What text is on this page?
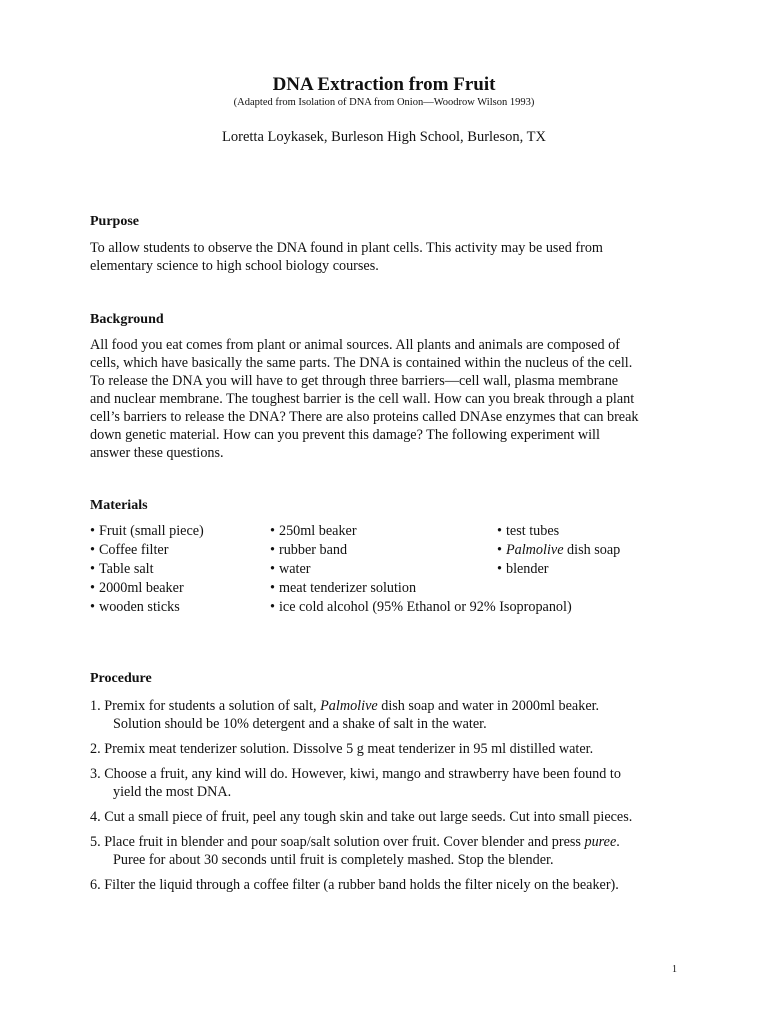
DNA Extraction from Fruit

(Adapted from Isolation of DNA from Onion—Woodrow Wilson 1993)

Loretta Loykasek, Burleson High School, Burleson, TX

Purpose
To allow students to observe the DNA found in plant cells. This activity may be used from
elementary science to high school biology courses.
Background
All food you eat comes from plant or animal sources. All plants and animals are composed of
cells, which have basically the same parts. The DNA is contained within the nucleus of the cell.
To release the DNA you will have to get through three barriers—cell wall, plasma membrane
and nuclear membrane. The toughest barrier is the cell wall. How can you break through a plant
cell’s barriers to release the DNA? There are also proteins called DNAse enzymes that can break
down genetic material. How can you prevent this damage? The following experiment will
answer these questions.
Materials
• Fruit (small piece)
• Coffee filter
• Table salt
• 2000ml beaker
• wooden sticks
• 250ml beaker
• rubber band
• water
• meat tenderizer solution
• ice cold alcohol (95% Ethanol or 92% Isopropanol)
• test tubes
• Palmolive dish soap
• blender
Procedure
1. Premix for students a solution of salt, Palmolive dish soap and water in 2000ml beaker.
Solution should be 10% detergent and a shake of salt in the water.
2. Premix meat tenderizer solution. Dissolve 5 g meat tenderizer in 95 ml distilled water.
3. Choose a fruit, any kind will do. However, kiwi, mango and strawberry have been found to
yield the most DNA.
4. Cut a small piece of fruit, peel any tough skin and take out large seeds. Cut into small pieces.
5. Place fruit in blender and pour soap/salt solution over fruit. Cover blender and press puree.
Puree for about 30 seconds until fruit is completely mashed. Stop the blender.
6. Filter the liquid through a coffee filter (a rubber band holds the filter nicely on the beaker).

1
